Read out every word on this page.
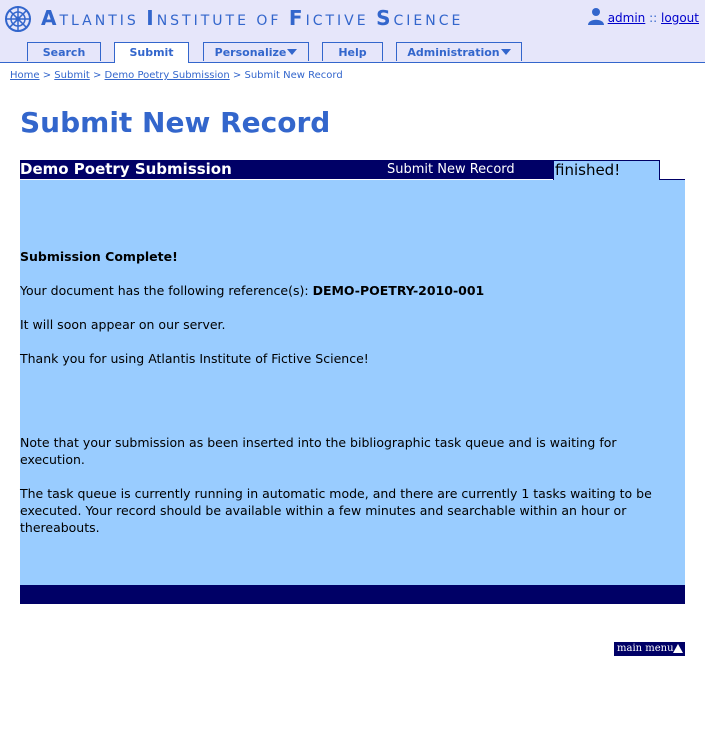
ATLANTIS INSTITUTE OF FICTIVE SCIENCE	admin :: logout
Search	Submit	Personalize	Help	Administration
Home > Submit > Demo Poetry Submission > Submit New Record
Submit New Record
Demo Poetry Submission	Submit New Record	finished!

Submission Complete!

Your document has the following reference(s): DEMO-POETRY-2010-001

It will soon appear on our server.

Thank you for using Atlantis Institute of Fictive Science!

Note that your submission as been inserted into the bibliographic task queue and is waiting for execution.

The task queue is currently running in automatic mode, and there are currently 1 tasks waiting to be executed. Your record should be available within a few minutes and searchable within an hour or thereabouts.

main menu
